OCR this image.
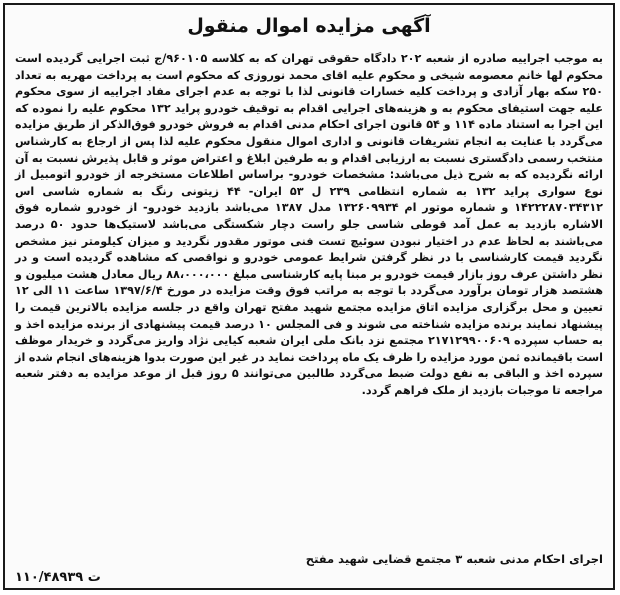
آگهی مزایده اموال منقول
به موجب اجراییه صادره از شعبه ۲۰۲ دادگاه حقوقی تهران که به کلاسه ۹۶۰۱۰۵/ج ثبت اجرایی گردیده است محکوم لها خانم معصومه شیخی و محکوم علیه اقای محمد نوروزی که محکوم است به پرداخت مهریه به تعداد ۲۵۰ سکه بهار آزادی و پرداخت کلیه خسارات قانونی لذا با توجه به عدم اجرای مفاد اجراییه از سوی محکوم علیه جهت استیفای محکوم به و هزینه‌های اجرایی اقدام به توقیف خودرو پراید ۱۳۲ محکوم علیه را نموده که این اجرا به استناد ماده ۱۱۴ و ۵۴ قانون اجرای احکام مدنی اقدام به فروش خودرو فوق‌الذکر از طریق مزایده می‌گردد با عنایت به انجام تشریفات قانونی و اداری اموال منقول محکوم علیه لذا پس از ارجاع به کارشناس منتخب رسمی دادگستری نسبت به ارزیابی اقدام و به طرفین ابلاغ و اعتراض موثر و قابل پذیرش نسبت به آن ارائه نگردیده که به شرح ذیل می‌باشد: مشخصات خودرو- براساس اطلاعات مستخرجه از خودرو اتومبیل از نوع سواری پراید ۱۳۲ به شماره انتظامی ۲۳۹ ل ۵۳ ایران- ۴۴ زیتونی رنگ به شماره شاسی اس ۱۴۲۲۲۸۷۰۳۴۳۱۲ و شماره موتور ام ۱۳۲۶۰۹۹۳۴ مدل ۱۳۸۷ می‌باشد بازدید خودرو- از خودرو شماره فوق الاشاره بازدید به عمل آمد قوطی شاسی جلو راست دچار شکستگی می‌باشد لاستیک‌ها حدود ۵۰ درصد می‌باشند به لحاظ عدم در اختیار نبودن سوئیچ تست فنی موتور مقدور نگردید و میزان کیلومتر نیز مشخص نگردید قیمت کارشناسی با در نظر گرفتن شرایط عمومی خودرو و نواقصی که مشاهده گردیده است و در نظر داشتن عرف روز بازار قیمت خودرو بر مبنا پایه کارشناسی مبلغ ۸۸،۰۰۰،۰۰۰ ریال معادل هشت میلیون و هشتصد هزار تومان برآورد می‌گردد با توجه به مراتب فوق وقت مزایده در مورخ ۱۳۹۷/۶/۴ ساعت ۱۱ الی ۱۲ تعیین و محل برگزاری مزایده اتاق مزایده مجتمع شهید مفتح تهران واقع در جلسه مزایده بالاترین قیمت را پیشنهاد نمایند برنده مزایده شناخته می شوند و فی المجلس ۱۰ درصد قیمت پیشنهادی از برنده مزایده اخذ و به حساب سپرده ۲۱۷۱۲۹۹۰۰۶۰۹ مجتمع نزد بانک ملی ایران شعبه کیایی نژاد واریز می‌گردد و خریدار موظف است باقیمانده ثمن مورد مزایده را ظرف یک ماه پرداخت نماید در غیر این صورت بدوا هزینه‌های انجام شده از سپرده اخذ و الباقی به نفع دولت ضبط می‌گردد طالبین می‌توانند ۵ روز قبل از موعد مزایده به دفتر شعبه مراجعه تا موجبات بازدید از ملک فراهم گردد.
اجرای احکام مدنی شعبه ۳ مجتمع قضایی شهید مفتح
۱۱۰/۴۸۹۳۹ ت
